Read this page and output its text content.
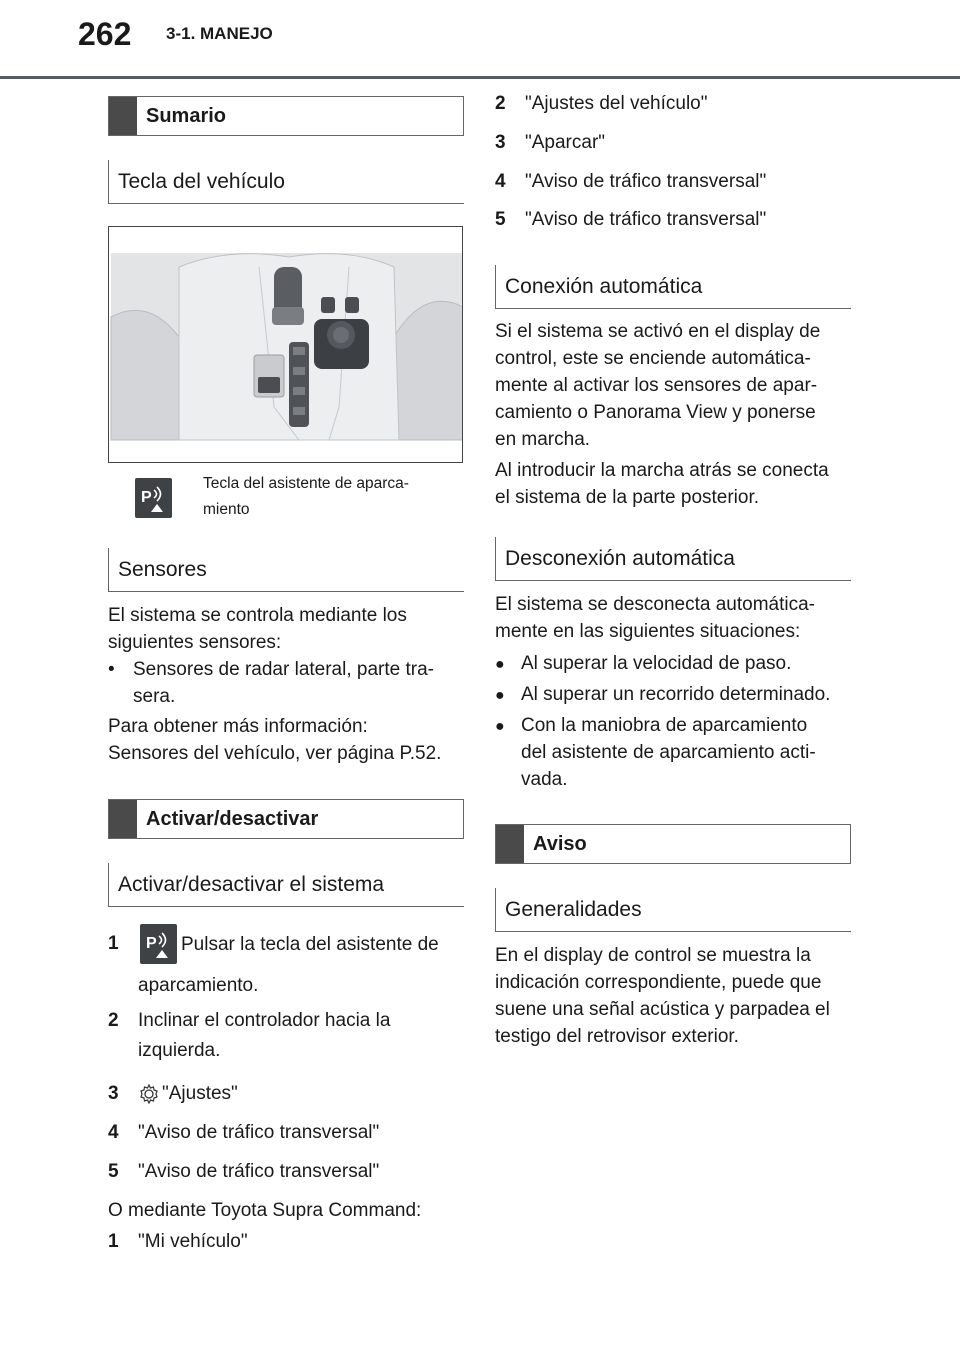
262 3-1. MANEJO
Sumario
Tecla del vehículo
P
Tecla del asistente de aparca-
miento
Sensores
El sistema se controla mediante los
siguientes sensores:
• Sensores de radar lateral, parte tra-
sera.
Para obtener más información:
Sensores del vehículo, ver página P.52.
Activar/desactivar
Activar/desactivar el sistema
1	P Pulsar la tecla del asistente de
aparcamiento.
2	Inclinar el controlador hacia la
izquierda.
3	"Ajustes"
4	"Aviso de tráfico transversal"
5	"Aviso de tráfico transversal"
O mediante Toyota Supra Command:
1	"Mi vehículo"
2	"Ajustes del vehículo"
3	"Aparcar"
4	"Aviso de tráfico transversal"
5	"Aviso de tráfico transversal"
Conexión automática
Si el sistema se activó en el display de
control, este se enciende automática-
mente al activar los sensores de apar-
camiento o Panorama View y ponerse
en marcha.
Al introducir la marcha atrás se conecta
el sistema de la parte posterior.
Desconexión automática
El sistema se desconecta automática-
mente en las siguientes situaciones:
● Al superar la velocidad de paso.
● Al superar un recorrido determinado.
● Con la maniobra de aparcamiento
del asistente de aparcamiento acti-
vada.
Aviso
Generalidades
En el display de control se muestra la
indicación correspondiente, puede que
suene una señal acústica y parpadea el
testigo del retrovisor exterior.
